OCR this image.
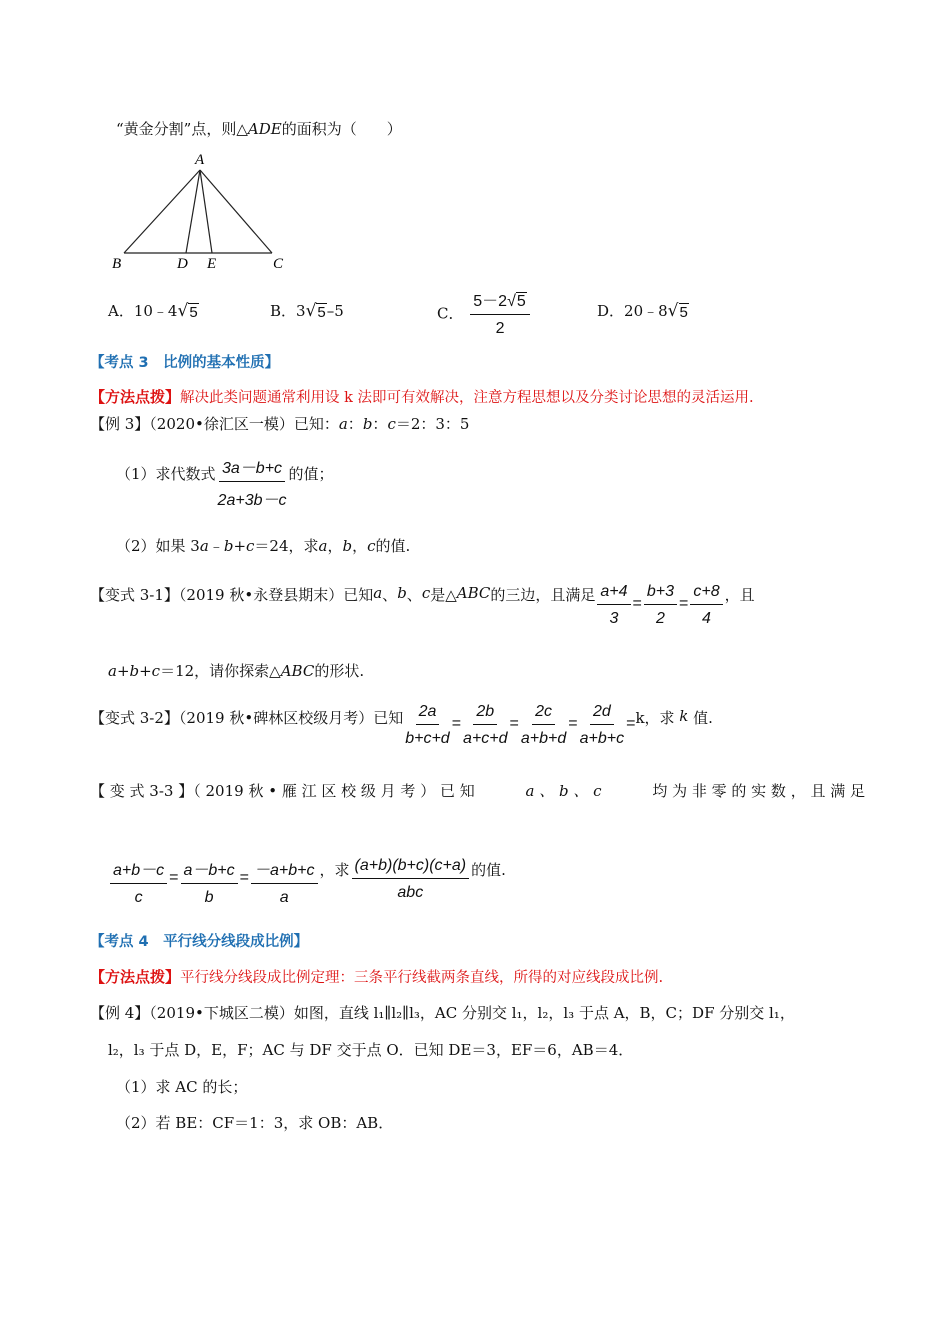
“黄金分割”点，则△ADE的面积为（　　）
A
B	D E	C
A．10﹣4 √ 5	B．3 √ 5 –5	C． $\frac{5-2 √ 5}{2}$	D．20﹣8 √ 5
【考点 3　比例的基本性质】
【方法点拨】解决此类问题通常利用设 k 法即可有效解决，注意方程思想以及分类讨论思想的灵活运用.
【例 3】（2020•徐汇区一模）已知：a：b：c＝2：3：5
（1）求代数式 $\frac{3a-b+c}{2a+3b-c}$ 的值；
（2）如果 3a﹣b+c＝24，求a，b，c的值.
【变式 3-1】（2019 秋•永登县期末）已知a、b、c是△ABC的三边，且满足 $\frac{a+4}{3} = \frac{b+3}{2} = \frac{c+8}{4}$ ，且
a+b+c＝12，请你探索△ABC的形状.
【变式 3-2】（2019 秋•碑林区校级月考）已知 $\frac{2a}{b+c+d} = \frac{2b}{a+c+d} = \frac{2c}{a+b+d} = \frac{2d}{a+b+c} =k$，求 k 值.
【 变 式 3-3 】（ 2019 秋 • 雁 江 区 校 级 月 考 ） 已 知	a 、 b 、 c	均 为 非 零 的 实 数 ， 且 满 足
$\frac{a+b-c}{c} = \frac{a-b+c}{b} = \frac{-a+b+c}{a}$ ，求 $\frac{(a+b)(b+c)(c+a)}{\text{abc}}$ 的值.
【考点 4　平行线分线段成比例】
【方法点拨】平行线分线段成比例定理：三条平行线截两条直线，所得的对应线段成比例.
【例 4】（2019•下城区二模）如图，直线 l₁∥l₂∥l₃，AC 分别交 l₁，l₂，l₃ 于点 A，B，C；DF 分别交 l₁，
l₂，l₃ 于点 D，E，F；AC 与 DF 交于点 O．已知 DE＝3，EF＝6，AB＝4．
（1）求 AC 的长；
（2）若 BE：CF＝1：3，求 OB：AB．
